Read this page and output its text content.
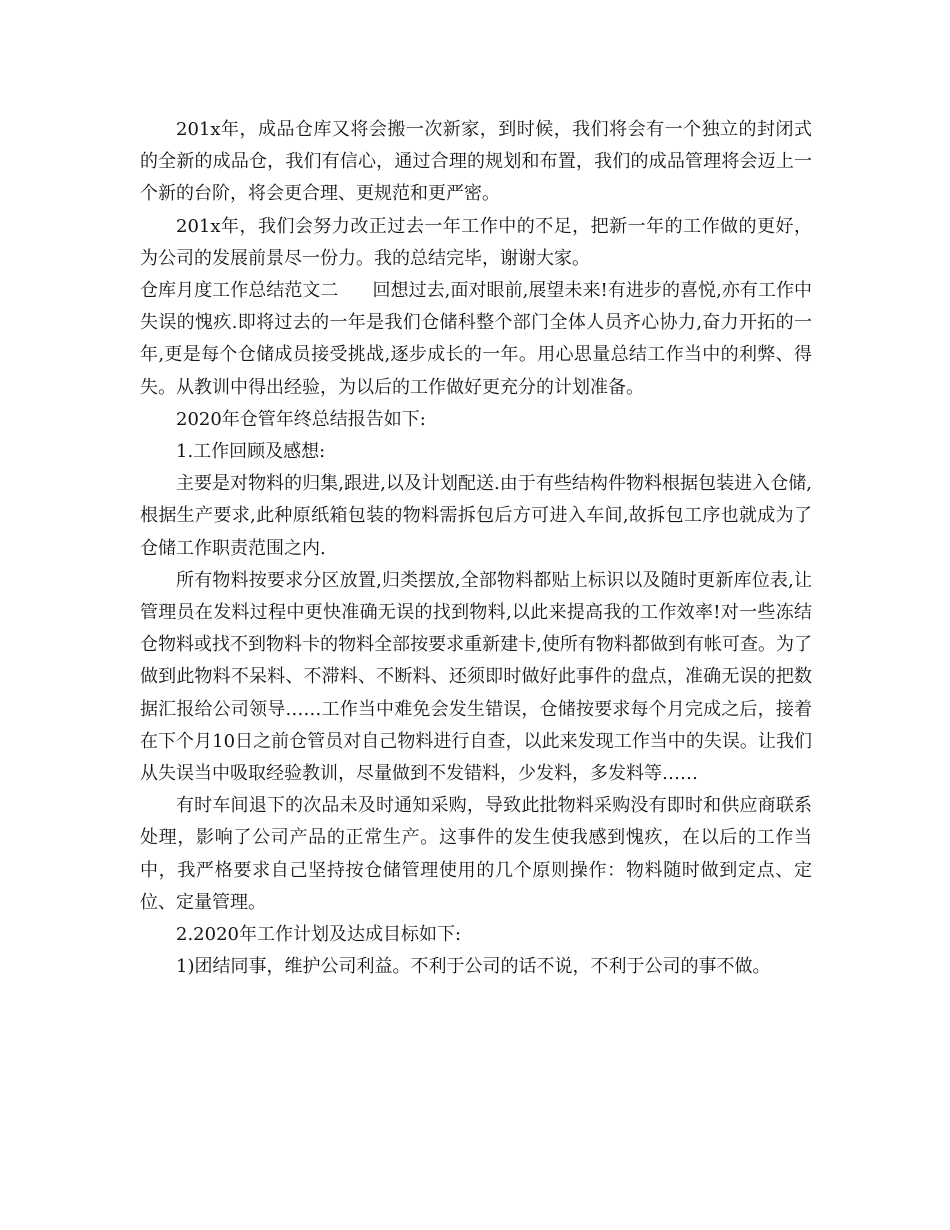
201x年，成品仓库又将会搬一次新家，到时候，我们将会有一个独立的封闭式的全新的成品仓，我们有信心，通过合理的规划和布置，我们的成品管理将会迈上一个新的台阶，将会更合理、更规范和更严密。

201x年，我们会努力改正过去一年工作中的不足，把新一年的工作做的更好，为公司的发展前景尽一份力。我的总结完毕，谢谢大家。

仓库月度工作总结范文二 回想过去,面对眼前,展望未来!有进步的喜悦,亦有工作中失误的愧疚.即将过去的一年是我们仓储科整个部门全体人员齐心协力,奋力开拓的一年,更是每个仓储成员接受挑战,逐步成长的一年。用心思量总结工作当中的利弊、得失。从教训中得出经验，为以后的工作做好更充分的计划准备。

2020年仓管年终总结报告如下:

1.工作回顾及感想:

主要是对物料的归集,跟进,以及计划配送.由于有些结构件物料根据包装进入仓储,根据生产要求,此种原纸箱包装的物料需拆包后方可进入车间,故拆包工序也就成为了仓储工作职责范围之内.

所有物料按要求分区放置,归类摆放,全部物料都贴上标识以及随时更新库位表,让管理员在发料过程中更快准确无误的找到物料,以此来提高我的工作效率!对一些冻结仓物料或找不到物料卡的物料全部按要求重新建卡,使所有物料都做到有帐可查。为了做到此物料不呆料、不滞料、不断料、还须即时做好此事件的盘点，准确无误的把数据汇报给公司领导……工作当中难免会发生错误，仓储按要求每个月完成之后，接着在下个月10日之前仓管员对自己物料进行自查，以此来发现工作当中的失误。让我们从失误当中吸取经验教训，尽量做到不发错料，少发料，多发料等……

有时车间退下的次品未及时通知采购，导致此批物料采购没有即时和供应商联系处理，影响了公司产品的正常生产。这事件的发生使我感到愧疚，在以后的工作当中，我严格要求自己坚持按仓储管理使用的几个原则操作：物料随时做到定点、定位、定量管理。

2.2020年工作计划及达成目标如下:

1)团结同事，维护公司利益。不利于公司的话不说，不利于公司的事不做。
